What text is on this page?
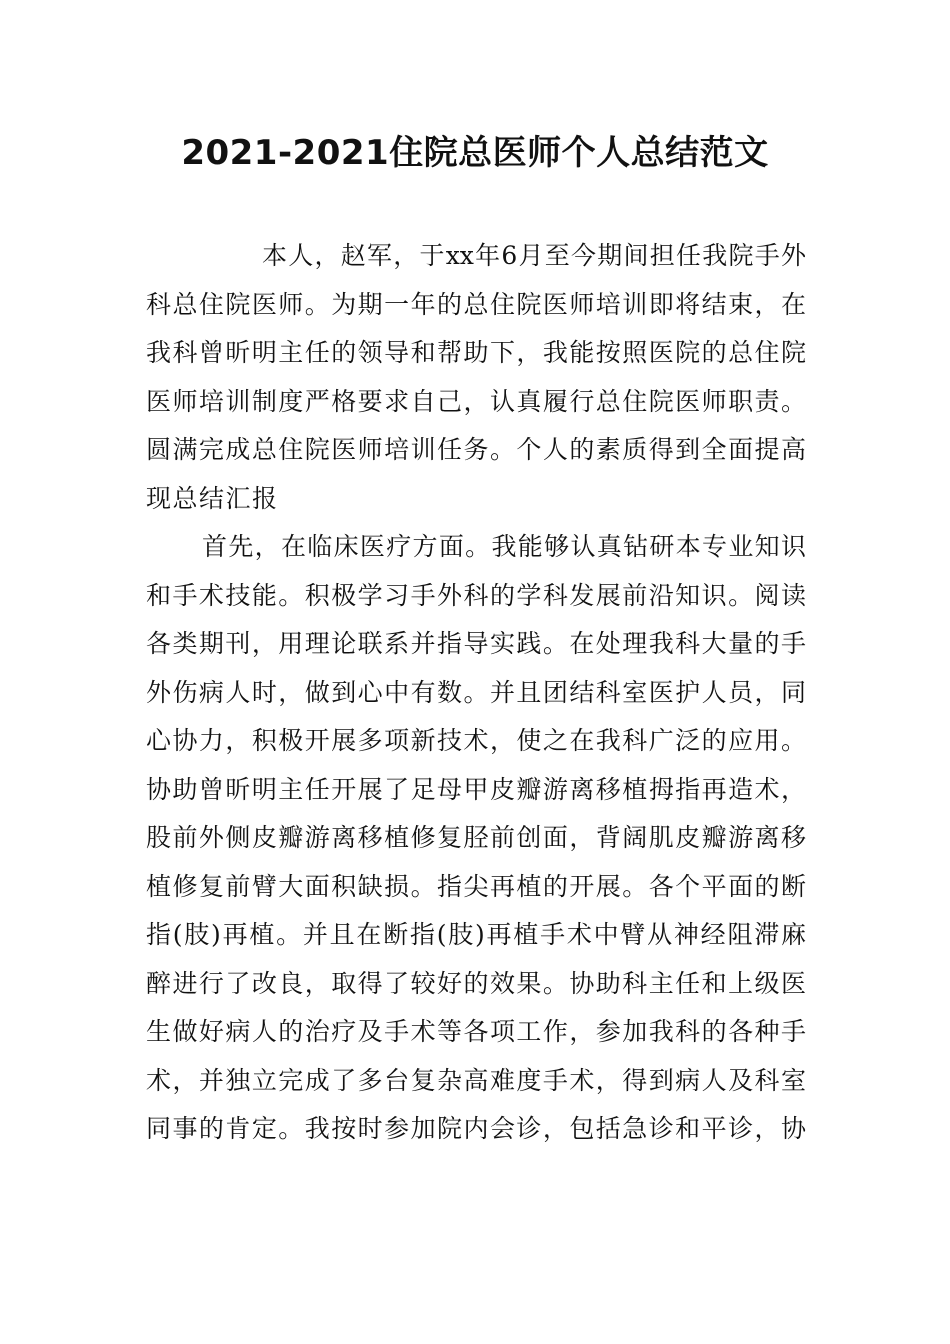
2021-2021住院总医师个人总结范文
本人，赵军，于xx年6月至今期间担任我院手外
科总住院医师。为期一年的总住院医师培训即将结束，在
我科曾昕明主任的领导和帮助下，我能按照医院的总住院
医师培训制度严格要求自己，认真履行总住院医师职责。
圆满完成总住院医师培训任务。个人的素质得到全面提高
现总结汇报
首先，在临床医疗方面。我能够认真钻研本专业知识
和手术技能。积极学习手外科的学科发展前沿知识。阅读
各类期刊，用理论联系并指导实践。在处理我科大量的手
外伤病人时，做到心中有数。并且团结科室医护人员，同
心协力，积极开展多项新技术，使之在我科广泛的应用。
协助曾昕明主任开展了足母甲皮瓣游离移植拇指再造术，
股前外侧皮瓣游离移植修复胫前创面，背阔肌皮瓣游离移
植修复前臂大面积缺损。指尖再植的开展。各个平面的断
指(肢)再植。并且在断指(肢)再植手术中臂从神经阻滞麻
醉进行了改良，取得了较好的效果。协助科主任和上级医
生做好病人的治疗及手术等各项工作，参加我科的各种手
术，并独立完成了多台复杂高难度手术，得到病人及科室
同事的肯定。我按时参加院内会诊，包括急诊和平诊，协
